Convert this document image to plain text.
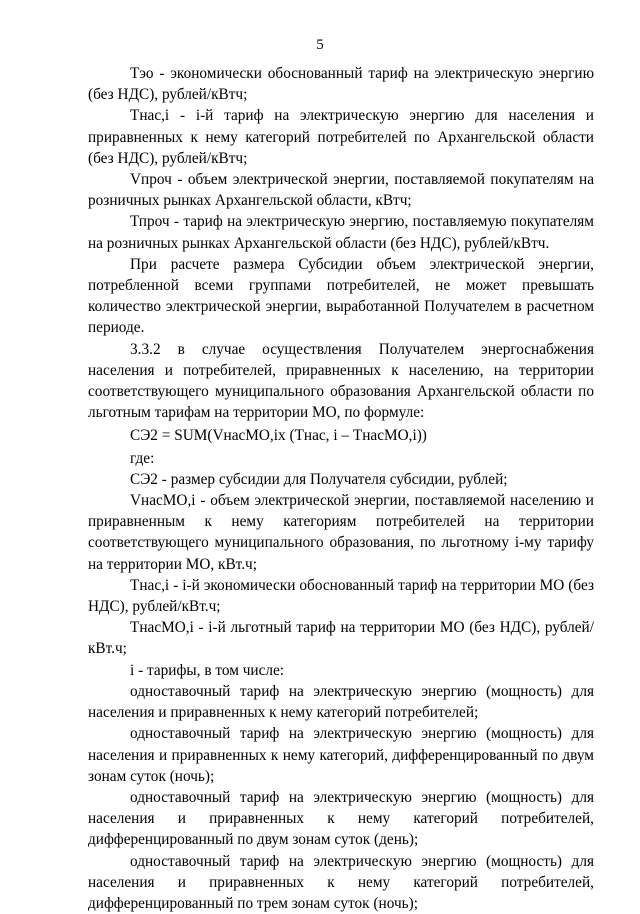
5

Тэо - экономически обоснованный тариф на электрическую энергию (без НДС), рублей/кВтч;

Тнас,i - i-й тариф на электрическую энергию для населения и приравненных к нему категорий потребителей по Архангельской области (без НДС), рублей/кВтч;

Vпроч - объем электрической энергии, поставляемой покупателям на розничных рынках Архангельской области, кВтч;

Тпроч - тариф на электрическую энергию, поставляемую покупателям на розничных рынках Архангельской области (без НДС), рублей/кВтч.

При расчете размера Субсидии объем электрической энергии, потребленной всеми группами потребителей, не может превышать количество электрической энергии, выработанной Получателем в расчетном периоде.

3.3.2 в случае осуществления Получателем энергоснабжения населения и потребителей, приравненных к населению, на территории соответствующего муниципального образования Архангельской области по льготным тарифам на территории МО, по формуле:

СЭ2 = SUM(VнасМО,ix (Тнас, i – ТнасМО,i))

где:

СЭ2 - размер субсидии для Получателя субсидии, рублей;

VнасМО,i - объем электрической энергии, поставляемой населению и приравненным к нему категориям потребителей на территории соответствующего муниципального образования, по льготному i-му тарифу на территории МО, кВт.ч;

Тнас,i - i-й экономически обоснованный тариф на территории МО (без НДС), рублей/кВт.ч;

ТнасМО,i - i-й льготный тариф на территории МО (без НДС), рублей/кВт.ч;

i - тарифы, в том числе:

одноставочный тариф на электрическую энергию (мощность) для населения и приравненных к нему категорий потребителей;

одноставочный тариф на электрическую энергию (мощность) для населения и приравненных к нему категорий, дифференцированный по двум зонам суток (ночь);

одноставочный тариф на электрическую энергию (мощность) для населения и приравненных к нему категорий потребителей, дифференцированный по двум зонам суток (день);

одноставочный тариф на электрическую энергию (мощность) для населения и приравненных к нему категорий потребителей, дифференцированный по трем зонам суток (ночь);
